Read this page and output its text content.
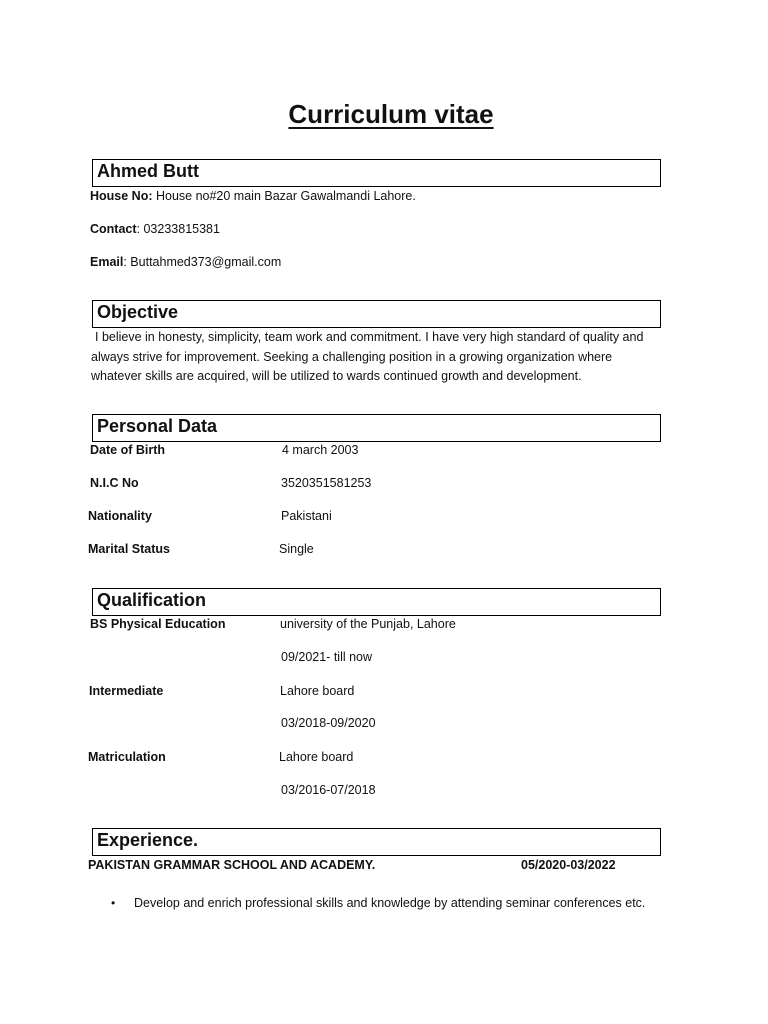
Curriculum vitae
Ahmed Butt
House No: House no#20 main Bazar Gawalmandi Lahore.
Contact: 03233815381
Email: Buttahmed373@gmail.com
Objective
I believe in honesty, simplicity, team work and commitment. I have very high standard of quality and always strive for improvement. Seeking a challenging position in a growing organization where whatever skills are acquired, will be utilized to wards continued growth and development.
Personal Data
Date of Birth	4 march 2003
N.I.C No	3520351581253
Nationality	Pakistani
Marital Status	Single
Qualification
BS Physical Education	university of the Punjab, Lahore
09/2021- till now
Intermediate	Lahore board
03/2018-09/2020
Matriculation	Lahore board
03/2016-07/2018
Experience.
PAKISTAN GRAMMAR SCHOOL AND ACADEMY.	05/2020-03/2022
• Develop and enrich professional skills and knowledge by attending seminar conferences etc.
